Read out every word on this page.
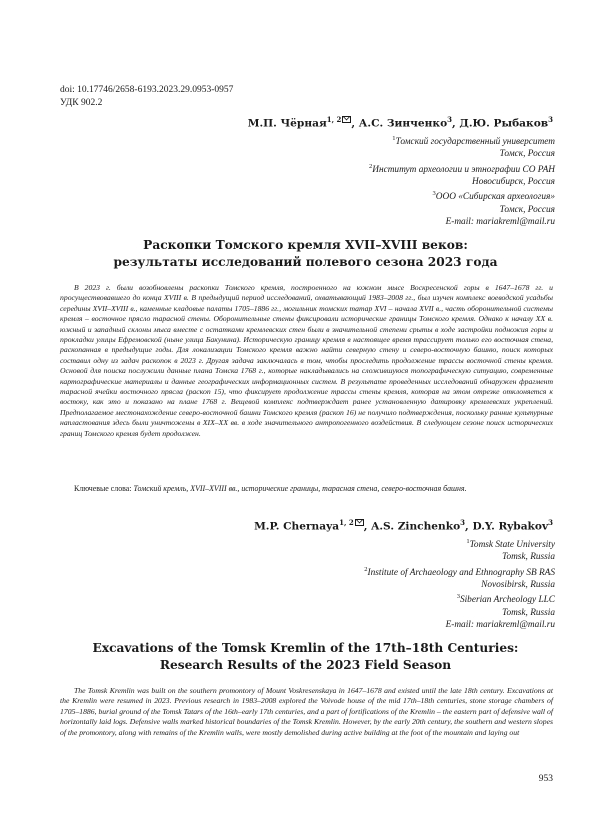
doi: 10.17746/2658-6193.2023.29.0953-0957
УДК 902.2
М.П. Чёрная$^{1, 2}$ , А.С. Зинченко$^3$, Д.Ю. Рыбаков$^3$
$^1$Томский государственный университет
Томск, Россия
$^2$Институт археологии и этнографии СО РАН
Новосибирск, Россия
$^3$ООО «Сибирская археология»
Томск, Россия
E-mail: mariakreml@mail.ru
Раскопки Томского кремля XVII–XVIII веков:
результаты исследований полевого сезона 2023 года
В 2023 г. были возобновлены раскопки Томского кремля, построенного на южном мысе Воскресенской горы в 1647–1678 гг. и просуществовавшего до конца XVIII в. В предыдущий период исследований, охватывающий 1983–2008 гг., был изучен комплекс воеводской усадьбы середины XVII–XVIII в., каменные кладовые палаты 1705–1886 гг., могильник томских татар XVI – начала XVII в., часть оборонительной системы кремля – восточное прясло тарасной стены. Оборонительные стены фиксировали исторические границы Томского кремля. Однако к началу XX в. южный и западный склоны мыса вместе с остатками кремлевских стен были в значительной степени срыты в ходе застройки подножия горы и прокладки улицы Ефремовской (ныне улица Бакунина). Историческую границу кремля в настоящее время трассирует только его восточная стена, раскопанная в предыдущие годы. Для локализации Томского кремля важно найти северную стену и северо-восточную башню, поиск которых составил одну из задач раскопок в 2023 г. Другая задача заключалась в том, чтобы проследить продолжение трассы восточной стены кремля. Основой для поиска послужили данные плана Томска 1768 г., которые накладывались на сложившуюся топографическую ситуацию, современные картографические материалы и данные географических информационных систем. В результате проведенных исследований обнаружен фрагмент тарасной ячейки восточного прясла (раскоп 15), что фиксирует продолжение трассы стены кремля, которая на этом отрезке отклоняется к востоку, как это и показано на плане 1768 г. Вещевой комплекс подтверждает ранее установленную датировку кремлевских укреплений. Предполагаемое местонахождение северо-восточной башни Томского кремля (раскоп 16) не получило подтверждения, поскольку ранние культурные напластования здесь были уничтожены в XIX–XX вв. в ходе значительного антропогенного воздействия. В следующем сезоне поиск исторических границ Томского кремля будет продолжен.
Ключевые слова: Томский кремль, XVII–XVIII вв., исторические границы, тарасная стена, северо-восточная башня.
M.P. Chernaya$^{1, 2}$ , A.S. Zinchenko$^3$, D.Y. Rybakov$^3$
$^1$Tomsk State University
Tomsk, Russia
$^2$Institute of Archaeology and Ethnography SB RAS
Novosibirsk, Russia
$^3$Siberian Archeology LLC
Tomsk, Russia
E-mail: mariakreml@mail.ru
Excavations of the Tomsk Kremlin of the 17th–18th Centuries:
Research Results of the 2023 Field Season
The Tomsk Kremlin was built on the southern promontory of Mount Voskresenskaya in 1647–1678 and existed until the late 18th century. Excavations at the Kremlin were resumed in 2023. Previous research in 1983–2008 explored the Voivode house of the mid 17th–18th centuries, stone storage chambers of 1705–1886, burial ground of the Tomsk Tatars of the 16th–early 17th centuries, and a part of fortifications of the Kremlin – the eastern part of defensive wall of horizontally laid logs. Defensive walls marked historical boundaries of the Tomsk Kremlin. However, by the early 20th century, the southern and western slopes of the promontory, along with remains of the Kremlin walls, were mostly demolished during active building at the foot of the mountain and laying out
953
